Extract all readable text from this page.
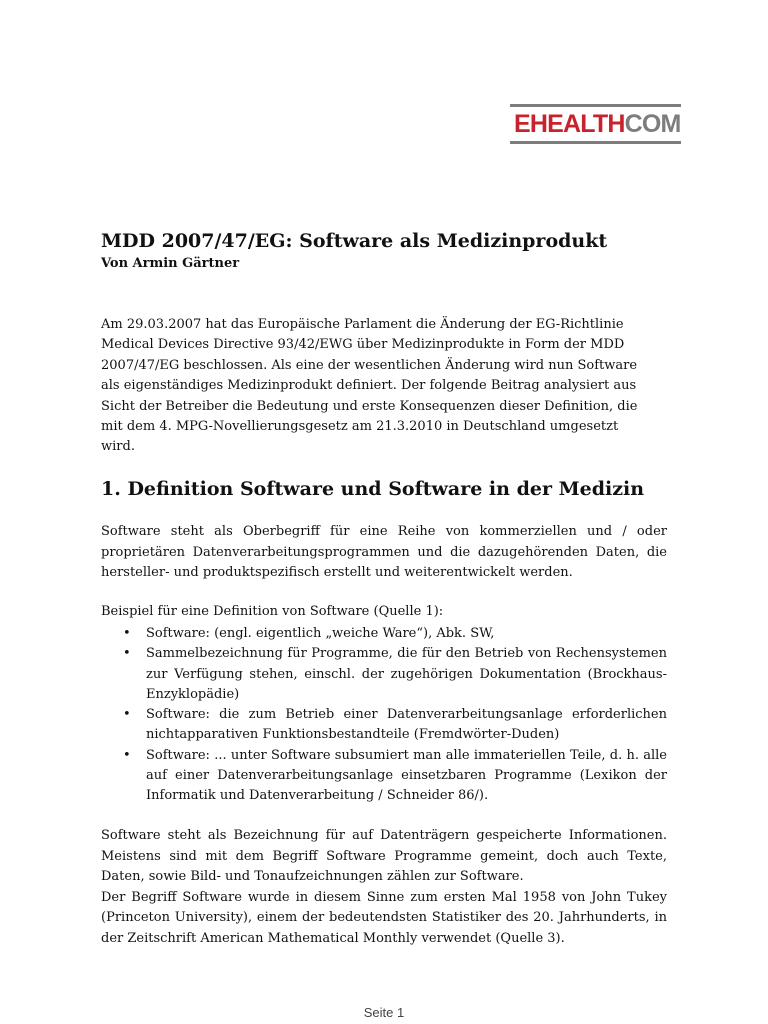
E HEALTH COM
MDD 2007/47/EG: Software als Medizinprodukt

Von Armin Gärtner

Am 29.03.2007 hat das Europäische Parlament die Änderung der EG-Richtlinie Medical Devices Directive 93/42/EWG über Medizinprodukte in Form der MDD 2007/47/EG beschlossen. Als eine der wesentlichen Änderung wird nun Software als eigenständiges Medizinprodukt definiert. Der folgende Beitrag analysiert aus Sicht der Betreiber die Bedeutung und erste Konsequenzen dieser Definition, die mit dem 4. MPG-Novellierungsgesetz am 21.3.2010 in Deutschland umgesetzt wird.

1. Definition Software und Software in der Medizin

Software steht als Oberbegriff für eine Reihe von kommerziellen und / oder proprietären Datenverarbeitungsprogrammen und die dazugehörenden Daten, die hersteller- und produktspezifisch erstellt und weiterentwickelt werden.

Beispiel für eine Definition von Software (Quelle 1):

• Software: (engl. eigentlich „weiche Ware“), Abk. SW,
• Sammelbezeichnung für Programme, die für den Betrieb von Rechensystemen zur Verfügung stehen, einschl. der zugehörigen Dokumentation (Brockhaus-Enzyklopädie)
• Software: die zum Betrieb einer Datenverarbeitungsanlage erforderlichen nichtapparativen Funktionsbestandteile (Fremdwörter-Duden)
• Software: ... unter Software subsumiert man alle immateriellen Teile, d. h. alle auf einer Datenverarbeitungsanlage einsetzbaren Programme (Lexikon der Informatik und Datenverarbeitung / Schneider 86/).

Software steht als Bezeichnung für auf Datenträgern gespeicherte Informationen. Meistens sind mit dem Begriff Software Programme gemeint, doch auch Texte, Daten, sowie Bild- und Tonaufzeichnungen zählen zur Software.
Der Begriff Software wurde in diesem Sinne zum ersten Mal 1958 von John Tukey (Princeton University), einem der bedeutendsten Statistiker des 20. Jahrhunderts, in der Zeitschrift American Mathematical Monthly verwendet (Quelle 3).

Seite 1
